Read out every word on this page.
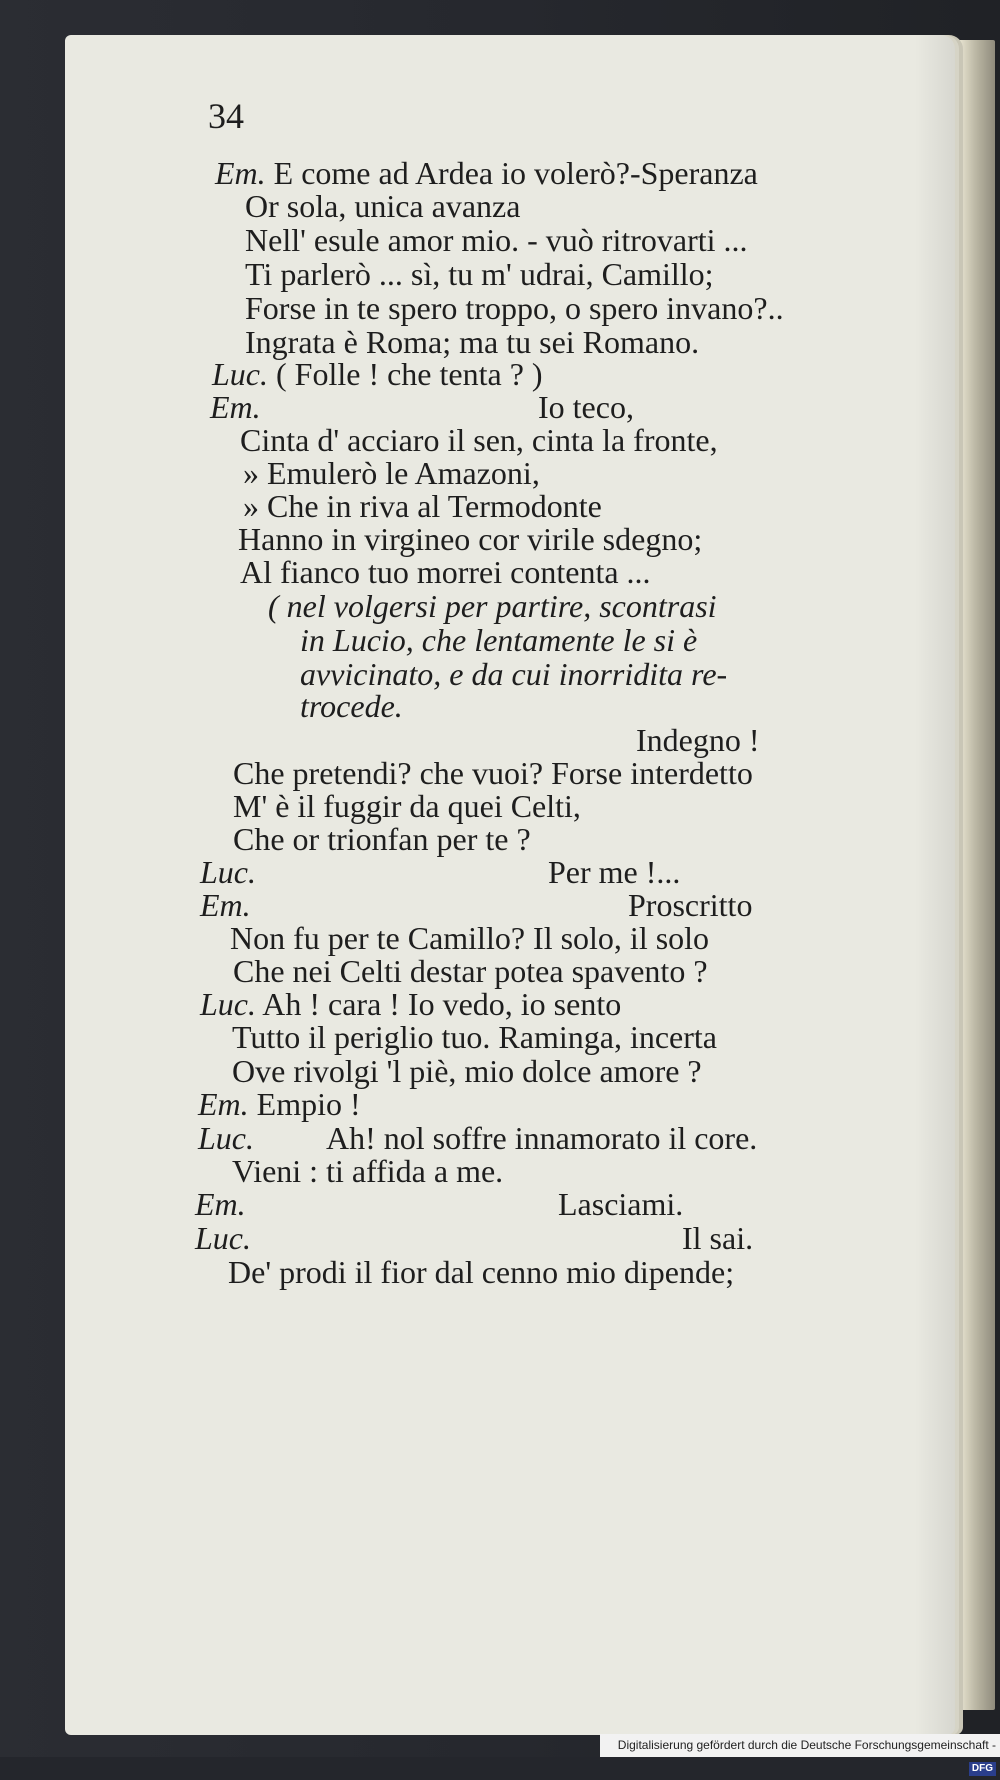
34
Em. E come ad Ardea io volerò?-Speranza
Or sola, unica avanza
Nell' esule amor mio. - vuò ritrovarti ...
Ti parlerò ... sì, tu m' udrai, Camillo;
Forse in te spero troppo, o spero invano?..
Ingrata è Roma; ma tu sei Romano.
Luc. ( Folle ! che tenta ? )
Em.	Io teco,
Cinta d' acciaro il sen, cinta la fronte,
» Emulerò le Amazoni,
» Che in riva al Termodonte
Hanno in virgineo cor virile sdegno;
Al fianco tuo morrei contenta ...
( nel volgersi per partire, scontrasi
in Lucio, che lentamente le si è
avvicinato, e da cui inorridita re-
trocede.
Indegno !
Che pretendi? che vuoi? Forse interdetto
M' è il fuggir da quei Celti,
Che or trionfan per te ?
Luc.	Per me !...
Em.	Proscritto
Non fu per te Camillo? Il solo, il solo
Che nei Celti destar potea spavento ?
Luc. Ah ! cara ! Io vedo, io sento
Tutto il periglio tuo. Raminga, incerta
Ove rivolgi 'l piè, mio dolce amore ?
Em. Empio !
Luc. Ah! nol soffre innamorato il core.
Vieni : ti affida a me.
Em.	Lasciami.
Luc.	Il sai.
De' prodi il fior dal cenno mio dipende;
Digitalisierung gefördert durch die Deutsche Forschungsgemeinschaft -DFG
